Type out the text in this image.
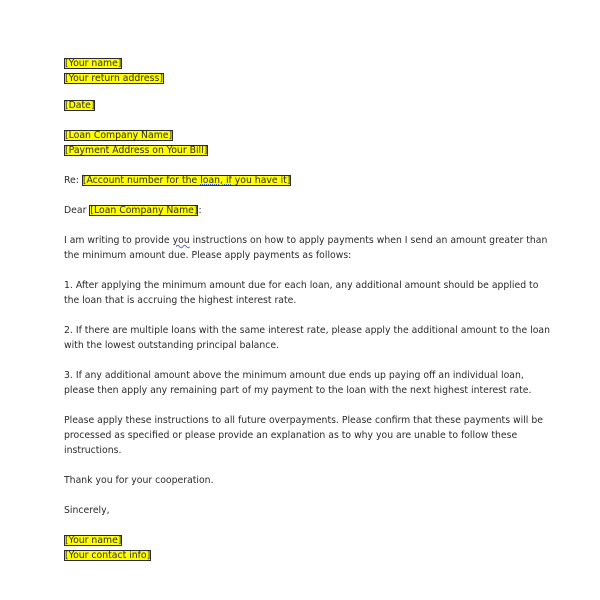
[Your name]
[Your return address]
[Date]
[Loan Company Name]
[Payment Address on Your Bill]
Re: [Account number for the loan, if you have it]
Dear [Loan Company Name]:

I am writing to provide you instructions on how to apply payments when I send an amount greater than
the minimum amount due. Please apply payments as follows:

1. After applying the minimum amount due for each loan, any additional amount should be applied to
the loan that is accruing the highest interest rate.

2. If there are multiple loans with the same interest rate, please apply the additional amount to the loan
with the lowest outstanding principal balance.

3. If any additional amount above the minimum amount due ends up paying off an individual loan,
please then apply any remaining part of my payment to the loan with the next highest interest rate.

Please apply these instructions to all future overpayments. Please confirm that these payments will be
processed as specified or please provide an explanation as to why you are unable to follow these
instructions.

Thank you for your cooperation.
Sincerely,
[Your name]
[Your contact info]
